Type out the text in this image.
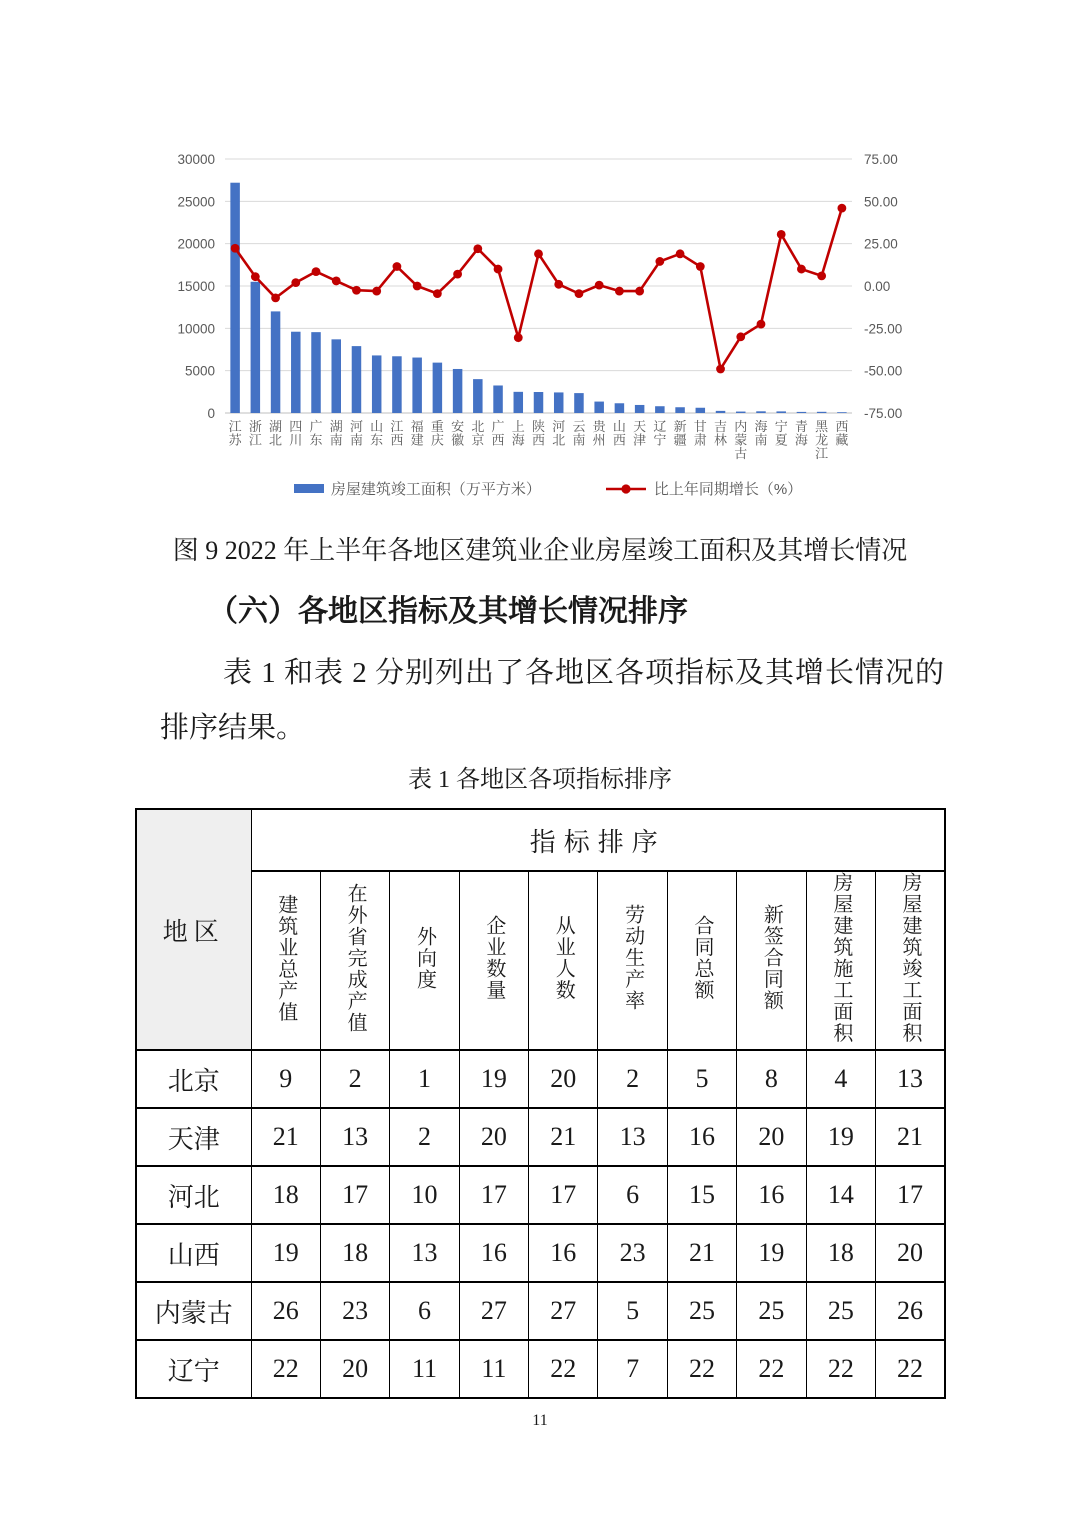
30000	75.00
25000	50.00
20000	25.00
15000	0.00
10000	-25.00
5000	-50.00
0	-75.00
江苏
浙江
湖北
四川
广东
湖南
河南
山东
江西
福建
重庆
安徽
北京
广西
上海
陕西
河北
云南
贵州
山西
天津
辽宁
新疆
甘肃
吉林
内蒙古
海南
宁夏
青海
黑龙江
西藏
房屋建筑竣工面积（万平方米）	比上年同期增长（%）

图 9 2022 年上半年各地区建筑业企业房屋竣工面积及其增长情况

（六）各地区指标及其增长情况排序

表 1 和表 2 分别列出了各地区各项指标及其增长情况的排序结果。

表 1 各地区各项指标排序

地区	指标排序									
	建筑业总产值	在外省完成产值	外向度	企业数量	从业人数	劳动生产率	合同总额	新签合同额	房屋建筑施工面积	房屋建筑竣工面积
北京	9	2	1	19	20	2	5	8	4	13
天津	21	13	2	20	21	13	16	20	19	21
河北	18	17	10	17	17	6	15	16	14	17
山西	19	18	13	16	16	23	21	19	18	20
内蒙古	26	23	6	27	27	5	25	25	25	26
辽宁	22	20	11	11	22	7	22	22	22	22
11
